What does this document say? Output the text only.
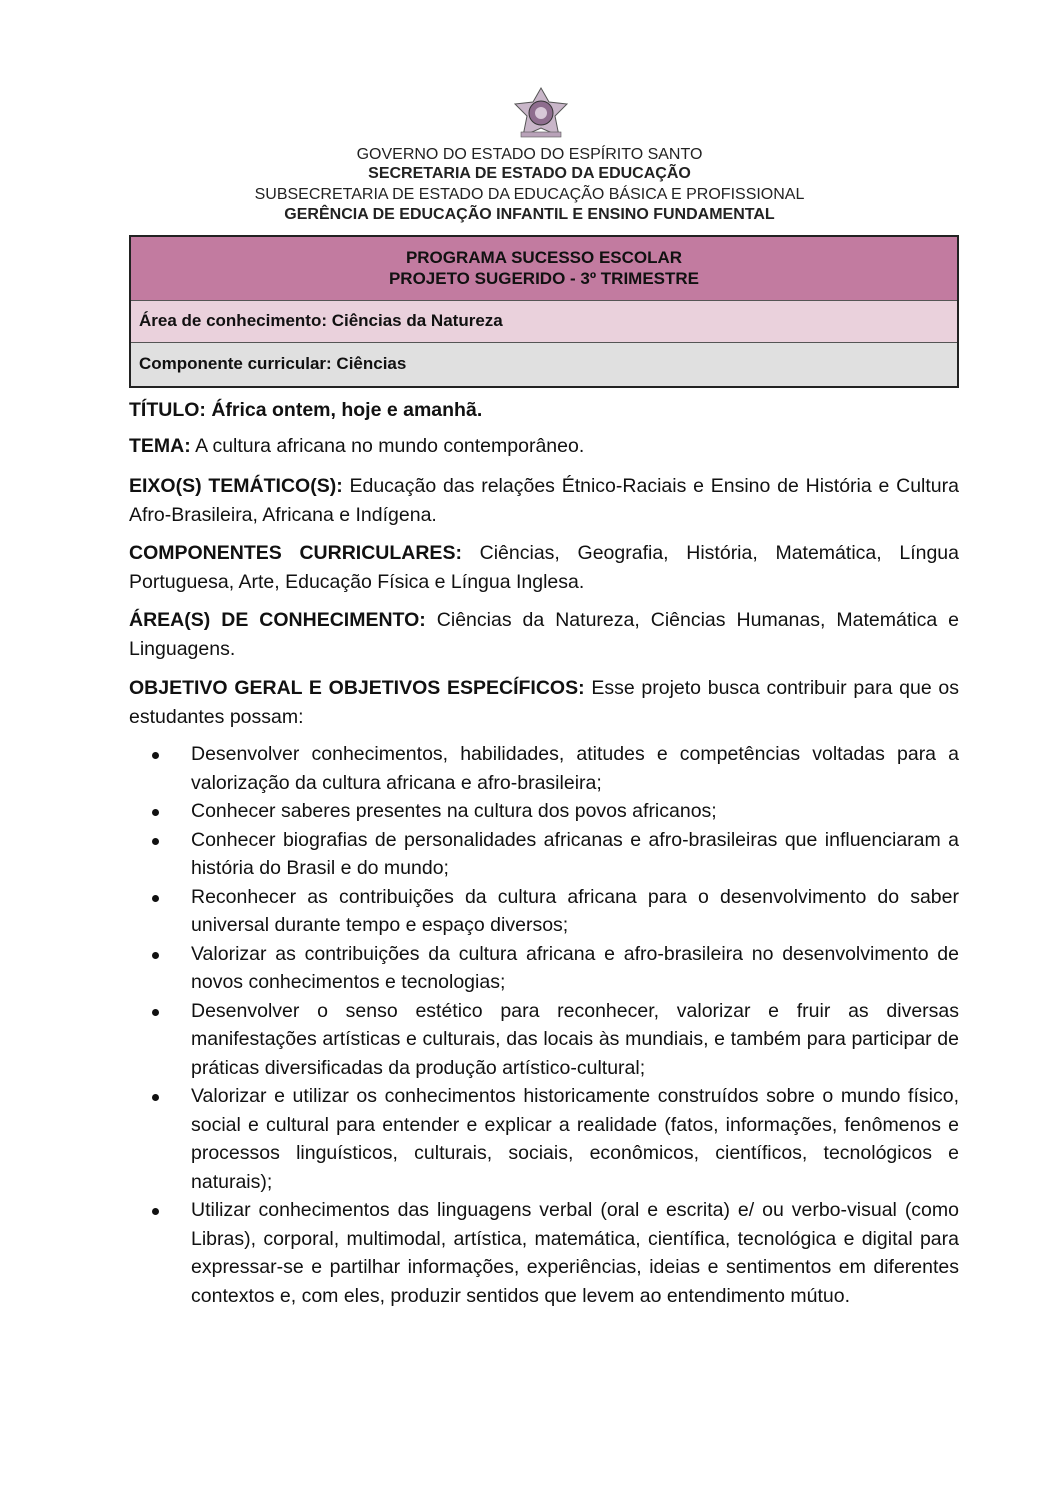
GOVERNO DO ESTADO DO ESPÍRITO SANTO
SECRETARIA DE ESTADO DA EDUCAÇÃO
SUBSECRETARIA DE ESTADO DA EDUCAÇÃO BÁSICA E PROFISSIONAL
GERÊNCIA DE EDUCAÇÃO INFANTIL E ENSINO FUNDAMENTAL
PROGRAMA SUCESSO ESCOLAR
PROJETO SUGERIDO - 3º TRIMESTRE
Área de conhecimento: Ciências da Natureza
Componente curricular: Ciências
TÍTULO: África ontem, hoje e amanhã.
TEMA: A cultura africana no mundo contemporâneo.
EIXO(S) TEMÁTICO(S): Educação das relações Étnico-Raciais e Ensino de História e Cultura Afro-Brasileira, Africana e Indígena.
COMPONENTES CURRICULARES: Ciências, Geografia, História, Matemática, Língua Portuguesa, Arte, Educação Física e Língua Inglesa.
ÁREA(S) DE CONHECIMENTO: Ciências da Natureza, Ciências Humanas, Matemática e Linguagens.
OBJETIVO GERAL E OBJETIVOS ESPECÍFICOS: Esse projeto busca contribuir para que os estudantes possam:
Desenvolver conhecimentos, habilidades, atitudes e competências voltadas para a valorização da cultura africana e afro-brasileira;
Conhecer saberes presentes na cultura dos povos africanos;
Conhecer biografias de personalidades africanas e afro-brasileiras que influenciaram a história do Brasil e do mundo;
Reconhecer as contribuições da cultura africana para o desenvolvimento do saber universal durante tempo e espaço diversos;
Valorizar as contribuições da cultura africana e afro-brasileira no desenvolvimento de novos conhecimentos e tecnologias;
Desenvolver o senso estético para reconhecer, valorizar e fruir as diversas manifestações artísticas e culturais, das locais às mundiais, e também para participar de práticas diversificadas da produção artístico-cultural;
Valorizar e utilizar os conhecimentos historicamente construídos sobre o mundo físico, social e cultural para entender e explicar a realidade (fatos, informações, fenômenos e processos linguísticos, culturais, sociais, econômicos, científicos, tecnológicos e naturais);
Utilizar conhecimentos das linguagens verbal (oral e escrita) e/ ou verbo-visual (como Libras), corporal, multimodal, artística, matemática, científica, tecnológica e digital para expressar-se e partilhar informações, experiências, ideias e sentimentos em diferentes contextos e, com eles, produzir sentidos que levem ao entendimento mútuo.
